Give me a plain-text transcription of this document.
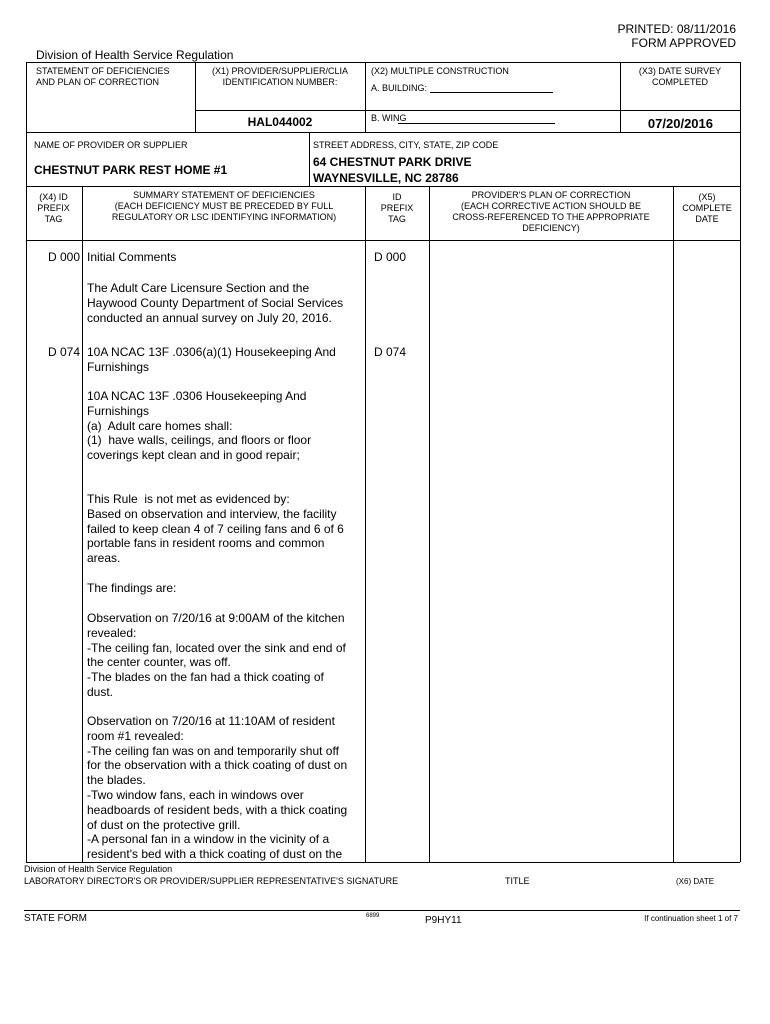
PRINTED: 08/11/2016
FORM APPROVED
Division of Health Service Regulation
STATEMENT OF DEFICIENCIES
AND PLAN OF CORRECTION
(X1) PROVIDER/SUPPLIER/CLIA
IDENTIFICATION NUMBER:
HAL044002
(X2) MULTIPLE CONSTRUCTION
A. BUILDING:
B. WING
(X3) DATE SURVEY
COMPLETED
07/20/2016
NAME OF PROVIDER OR SUPPLIER
CHESTNUT PARK REST HOME #1
STREET ADDRESS, CITY, STATE, ZIP CODE
64 CHESTNUT PARK DRIVE
WAYNESVILLE, NC 28786
(X4) ID
PREFIX
TAG
SUMMARY STATEMENT OF DEFICIENCIES
(EACH DEFICIENCY MUST BE PRECEDED BY FULL
REGULATORY OR LSC IDENTIFYING INFORMATION)
ID
PREFIX
TAG
PROVIDER'S PLAN OF CORRECTION
(EACH CORRECTIVE ACTION SHOULD BE
CROSS-REFERENCED TO THE APPROPRIATE
DEFICIENCY)
(X5)
COMPLETE
DATE
D 000	D 000
Initial Comments
The Adult Care Licensure Section and the
Haywood County Department of Social Services
conducted an annual survey on July 20, 2016.
D 074	D 074
10A NCAC 13F .0306(a)(1) Housekeeping And
Furnishings
10A NCAC 13F .0306 Housekeeping And
Furnishings
(a)  Adult care homes shall:
(1)  have walls, ceilings, and floors or floor
coverings kept clean and in good repair;
This Rule  is not met as evidenced by:
Based on observation and interview, the facility
failed to keep clean 4 of 7 ceiling fans and 6 of 6
portable fans in resident rooms and common
areas.
The findings are:
Observation on 7/20/16 at 9:00AM of the kitchen
revealed:
-The ceiling fan, located over the sink and end of
the center counter, was off.
-The blades on the fan had a thick coating of
dust.
Observation on 7/20/16 at 11:10AM of resident
room #1 revealed:
-The ceiling fan was on and temporarily shut off
for the observation with a thick coating of dust on
the blades.
-Two window fans, each in windows over
headboards of resident beds, with a thick coating
of dust on the protective grill.
-A personal fan in a window in the vicinity of a
resident's bed with a thick coating of dust on the
Division of Health Service Regulation
LABORATORY DIRECTOR'S OR PROVIDER/SUPPLIER REPRESENTATIVE'S SIGNATURE	TITLE	(X6) DATE
STATE FORM	6899	P9HY11	If continuation sheet 1 of 7
